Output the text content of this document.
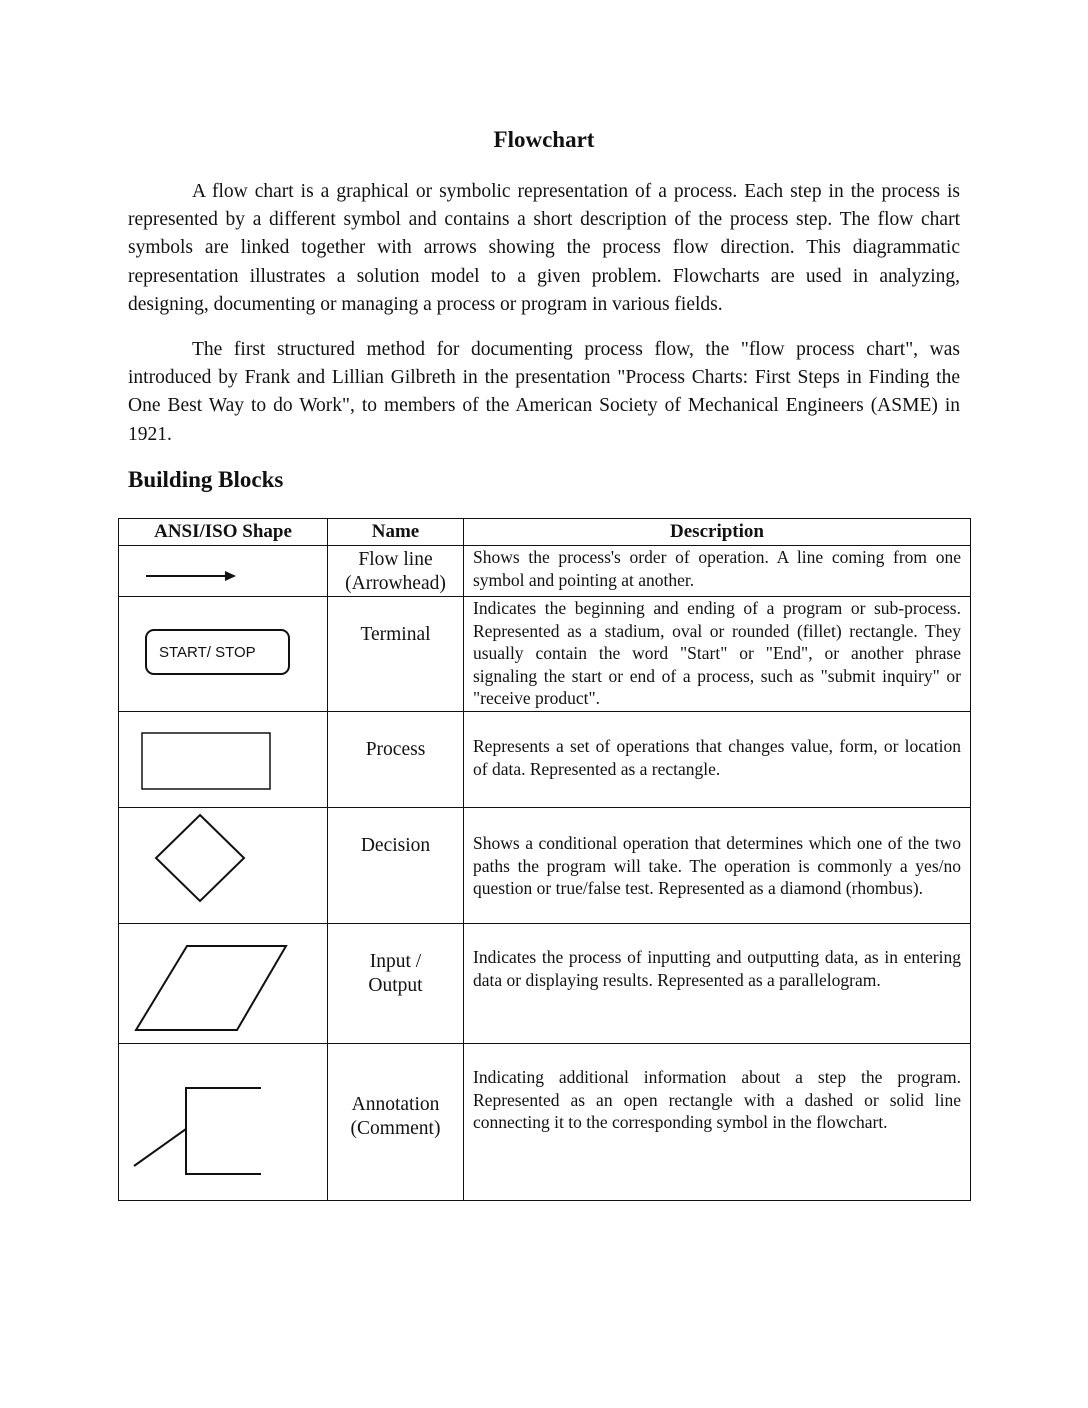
Flowchart

A flow chart is a graphical or symbolic representation of a process. Each step in the process is represented by a different symbol and contains a short description of the process step. The flow chart symbols are linked together with arrows showing the process flow direction. This diagrammatic representation illustrates a solution model to a given problem. Flowcharts are used in analyzing, designing, documenting or managing a process or program in various fields.

The first structured method for documenting process flow, the "flow process chart", was introduced by Frank and Lillian Gilbreth in the presentation "Process Charts: First Steps in Finding the One Best Way to do Work", to members of the American Society of Mechanical Engineers (ASME) in 1921.

Building Blocks
ANSI/ISO Shape	Name	Description

	Flow line (Arrowhead)	Shows the process's order of operation. A line coming from one symbol and pointing at another.

START/ STOP	Terminal	Indicates the beginning and ending of a program or sub-process. Represented as a stadium, oval or rounded (fillet) rectangle. They usually contain the word "Start" or "End", or another phrase signaling the start or end of a process, such as "submit inquiry" or "receive product".

	Process	Represents a set of operations that changes value, form, or location of data. Represented as a rectangle.

	Decision	Shows a conditional operation that determines which one of the two paths the program will take. The operation is commonly a yes/no question or true/false test. Represented as a diamond (rhombus).

	Input / Output	Indicates the process of inputting and outputting data, as in entering data or displaying results. Represented as a parallelogram.

	Annotation (Comment)	Indicating additional information about a step the program. Represented as an open rectangle with a dashed or solid line connecting it to the corresponding symbol in the flowchart.
